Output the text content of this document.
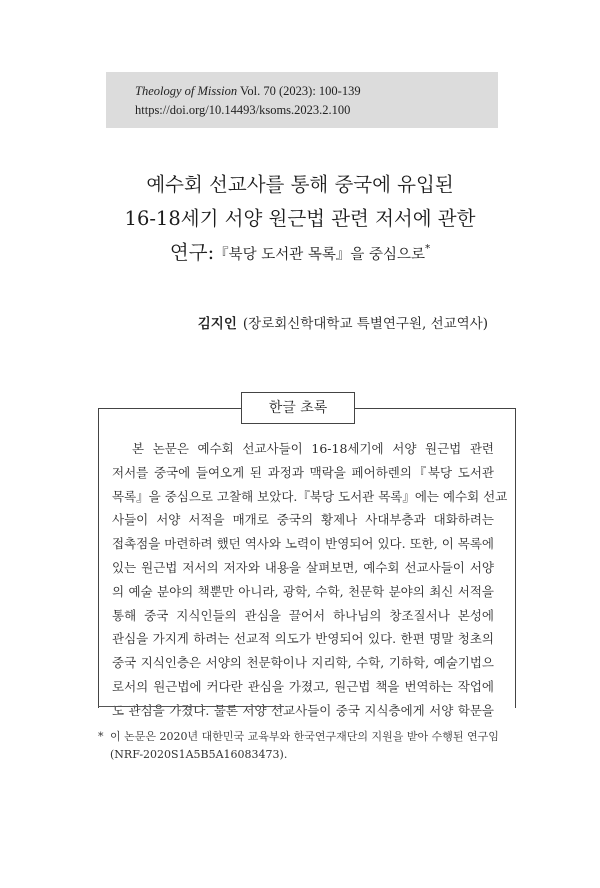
Theology of Mission Vol. 70 (2023): 100-139
https://doi.org/10.14493/ksoms.2023.2.100
예수회 선교사를 통해 중국에 유입된
16-18세기 서양 원근법 관련 저서에 관한
연구:『북당 도서관 목록』을 중심으로*
김지인 (장로회신학대학교 특별연구원, 선교역사)
한글 초록
본 논문은 예수회 선교사들이 16-18세기에 서양 원근법 관련
저서를 중국에 들여오게 된 과정과 맥락을 페어하렌의『북당 도서관
목록』을 중심으로 고찰해 보았다.『북당 도서관 목록』에는 예수회 선교
사들이 서양 서적을 매개로 중국의 황제나 사대부층과 대화하려는
접촉점을 마련하려 했던 역사와 노력이 반영되어 있다. 또한, 이 목록에
있는 원근법 저서의 저자와 내용을 살펴보면, 예수회 선교사들이 서양
의 예술 분야의 책뿐만 아니라, 광학, 수학, 천문학 분야의 최신 서적을
통해 중국 지식인들의 관심을 끌어서 하나님의 창조질서나 본성에
관심을 가지게 하려는 선교적 의도가 반영되어 있다. 한편 명말 청초의
중국 지식인층은 서양의 천문학이나 지리학, 수학, 기하학, 예술기법으
로서의 원근법에 커다란 관심을 가졌고, 원근법 책을 번역하는 작업에
도 관심을 가졌다. 물론 서양 선교사들이 중국 지식층에게 서양 학문을
* 이 논문은 2020년 대한민국 교육부와 한국연구재단의 지원을 받아 수행된 연구임
(NRF-2020S1A5B5A16083473).
